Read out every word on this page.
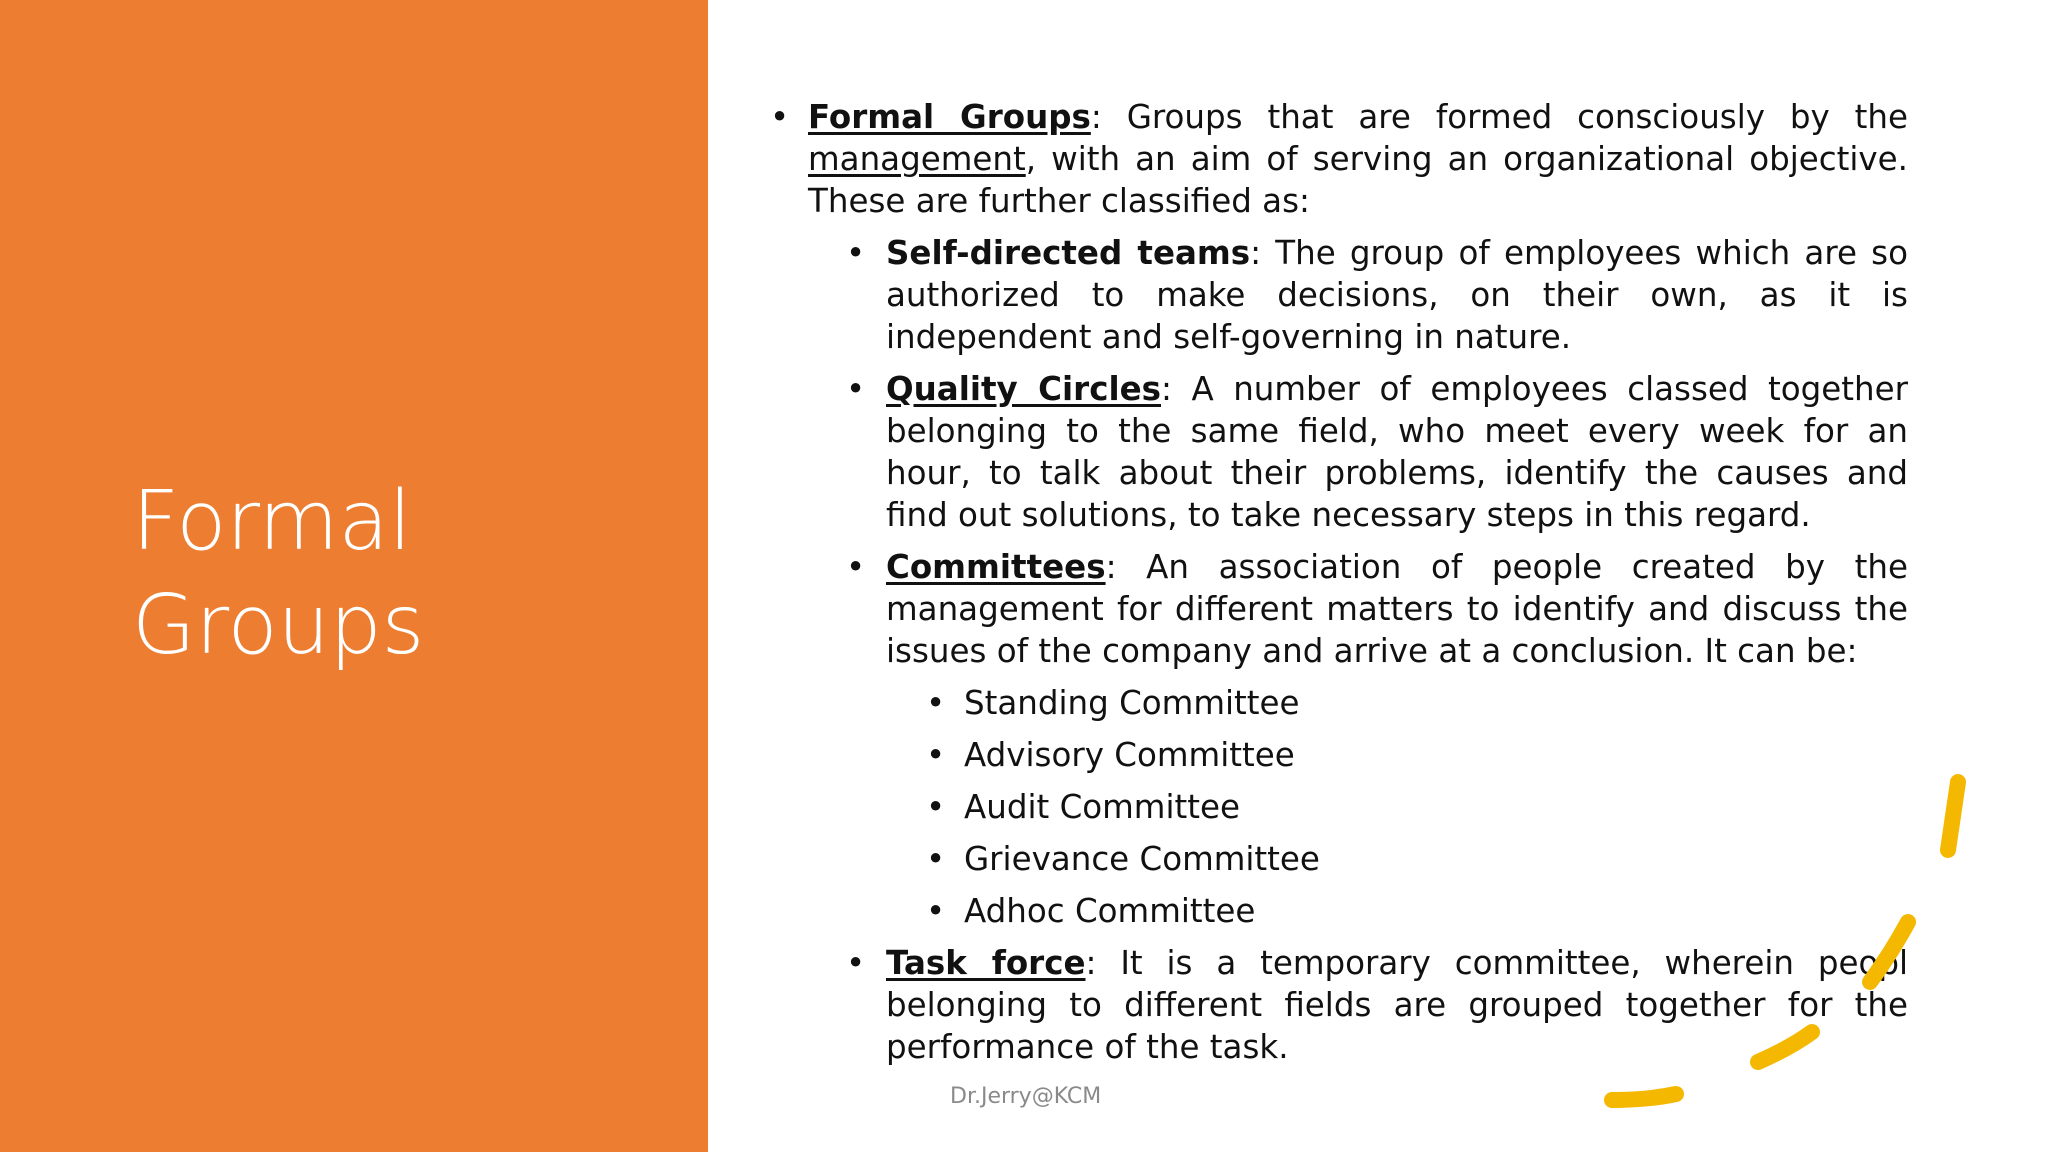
Formal
Groups
• Formal Groups: Groups that are formed consciously by the management, with an aim of serving an organizational objective. These are further classified as:
• Self-directed teams: The group of employees which are so authorized to make decisions, on their own, as it is independent and self-governing in nature.
• Quality Circles: A number of employees classed together belonging to the same field, who meet every week for an hour, to talk about their problems, identify the causes and find out solutions, to take necessary steps in this regard.
• Committees: An association of people created by the management for different matters to identify and discuss the issues of the company and arrive at a conclusion. It can be:
• Standing Committee
• Advisory Committee
• Audit Committee
• Grievance Committee
• Adhoc Committee
• Task force: It is a temporary committee, wherein peopl belonging to different fields are grouped together for the performance of the task.
Dr.Jerry@KCM
